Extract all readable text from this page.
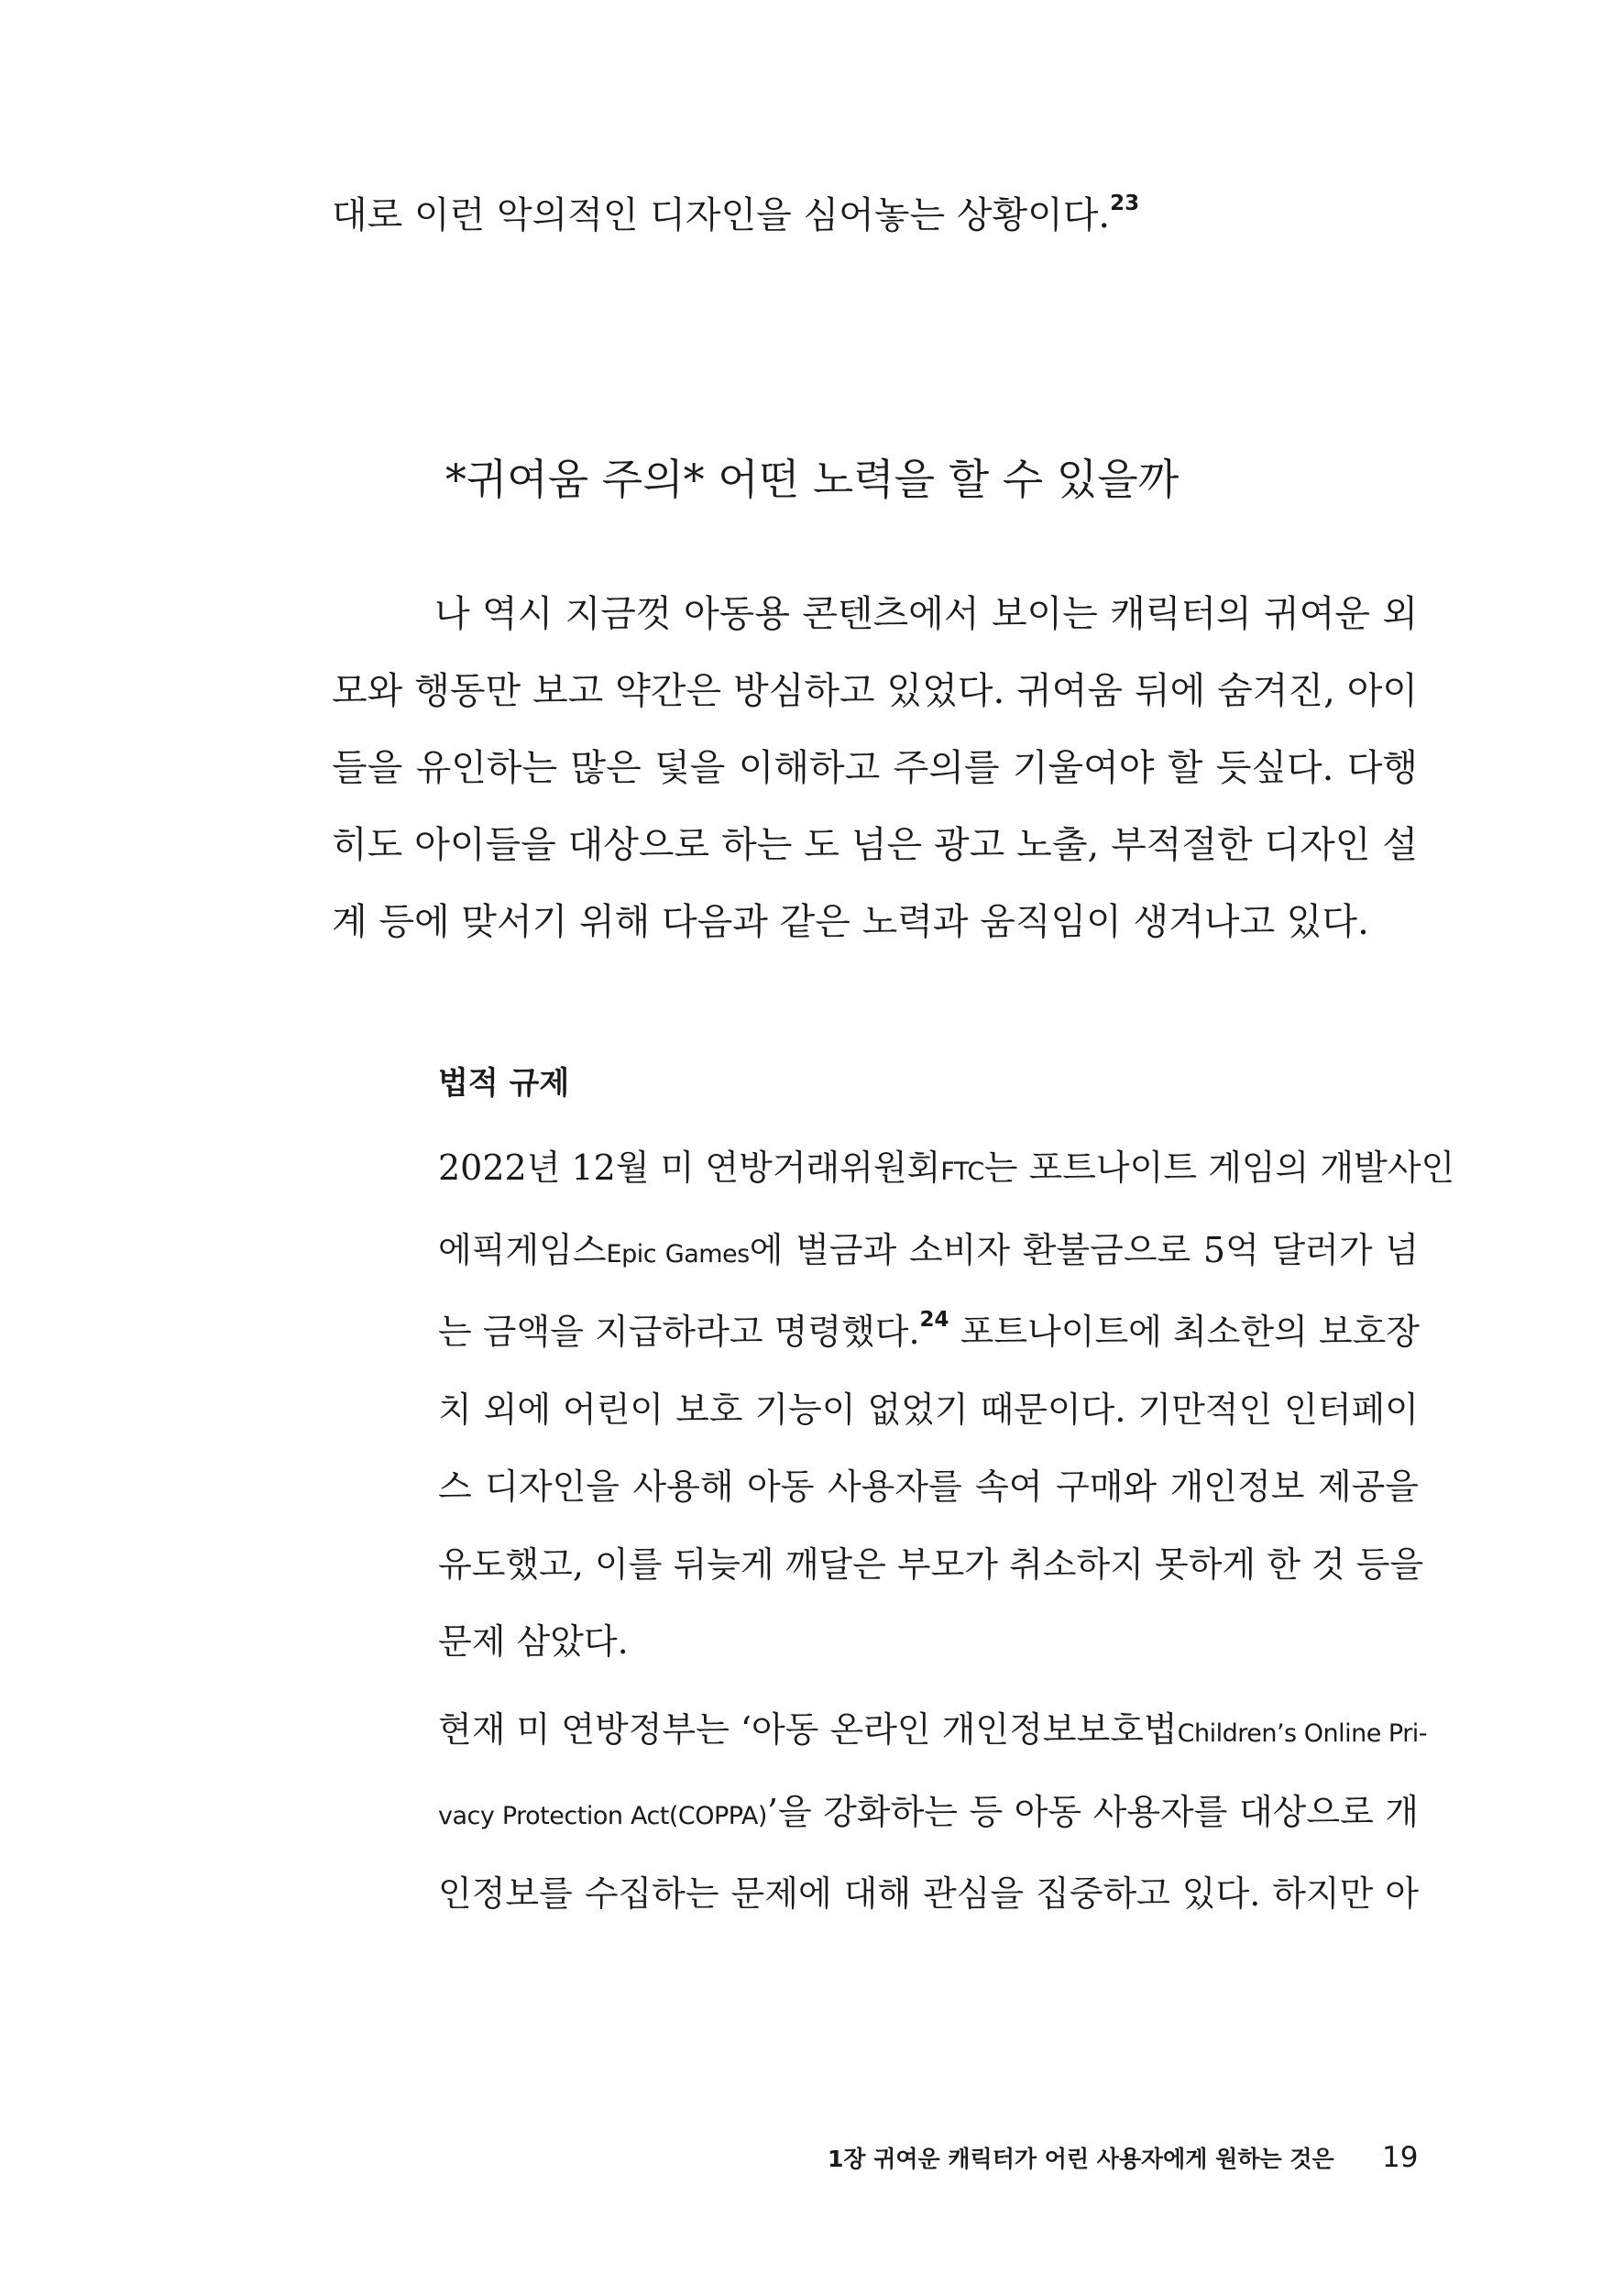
대로 이런 악의적인 디자인을 심어놓는 상황이다.$^{23}$

*귀여움 주의* 어떤 노력을 할 수 있을까

나 역시 지금껏 아동용 콘텐츠에서 보이는 캐릭터의 귀여운 외
모와 행동만 보고 약간은 방심하고 있었다. 귀여움 뒤에 숨겨진, 아이
들을 유인하는 많은 덫을 이해하고 주의를 기울여야 할 듯싶다. 다행
히도 아이들을 대상으로 하는 도 넘은 광고 노출, 부적절한 디자인 설
계 등에 맞서기 위해 다음과 같은 노력과 움직임이 생겨나고 있다.

법적 규제

2022년 12월 미 연방거래위원회FTC는 포트나이트 게임의 개발사인
에픽게임스Epic Games에 벌금과 소비자 환불금으로 5억 달러가 넘
는 금액을 지급하라고 명령했다.$^{24}$ 포트나이트에 최소한의 보호장
치 외에 어린이 보호 기능이 없었기 때문이다. 기만적인 인터페이
스 디자인을 사용해 아동 사용자를 속여 구매와 개인정보 제공을
유도했고, 이를 뒤늦게 깨달은 부모가 취소하지 못하게 한 것 등을
문제 삼았다.

현재 미 연방정부는 ‘아동 온라인 개인정보보호법Children’s Online Pri-
vacy Protection Act(COPPA)’을 강화하는 등 아동 사용자를 대상으로 개
인정보를 수집하는 문제에 대해 관심을 집중하고 있다. 하지만 아

1장 귀여운 캐릭터가 어린 사용자에게 원하는 것은 19
